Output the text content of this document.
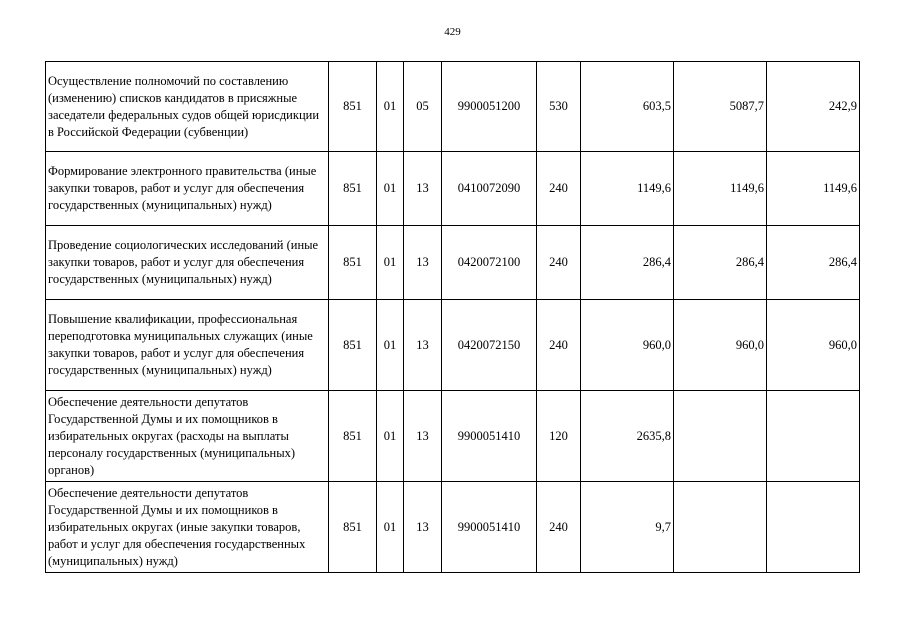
429
Осуществление полномочий по составлению (изменению) списков кандидатов в присяжные заседатели федеральных судов общей юрисдикции в Российской Федерации (субвенции)	851	01	05	9900051200	530	603,5	5087,7	242,9
Формирование электронного правительства (иные закупки товаров, работ и услуг для обеспечения государственных (муниципальных) нужд)	851	01	13	0410072090	240	1149,6	1149,6	1149,6
Проведение социологических исследований (иные закупки товаров, работ и услуг для обеспечения государственных (муниципальных) нужд)	851	01	13	0420072100	240	286,4	286,4	286,4
Повышение квалификации, профессиональная переподготовка муниципальных служащих (иные закупки товаров, работ и услуг для обеспечения государственных (муниципальных) нужд)	851	01	13	0420072150	240	960,0	960,0	960,0
Обеспечение деятельности депутатов Государственной Думы и их помощников в избирательных округах (расходы на выплаты персоналу государственных (муниципальных) органов)	851	01	13	9900051410	120	2635,8		
Обеспечение деятельности депутатов Государственной Думы и их помощников в избирательных округах (иные закупки товаров, работ и услуг для обеспечения государственных (муниципальных) нужд)	851	01	13	9900051410	240	9,7		
